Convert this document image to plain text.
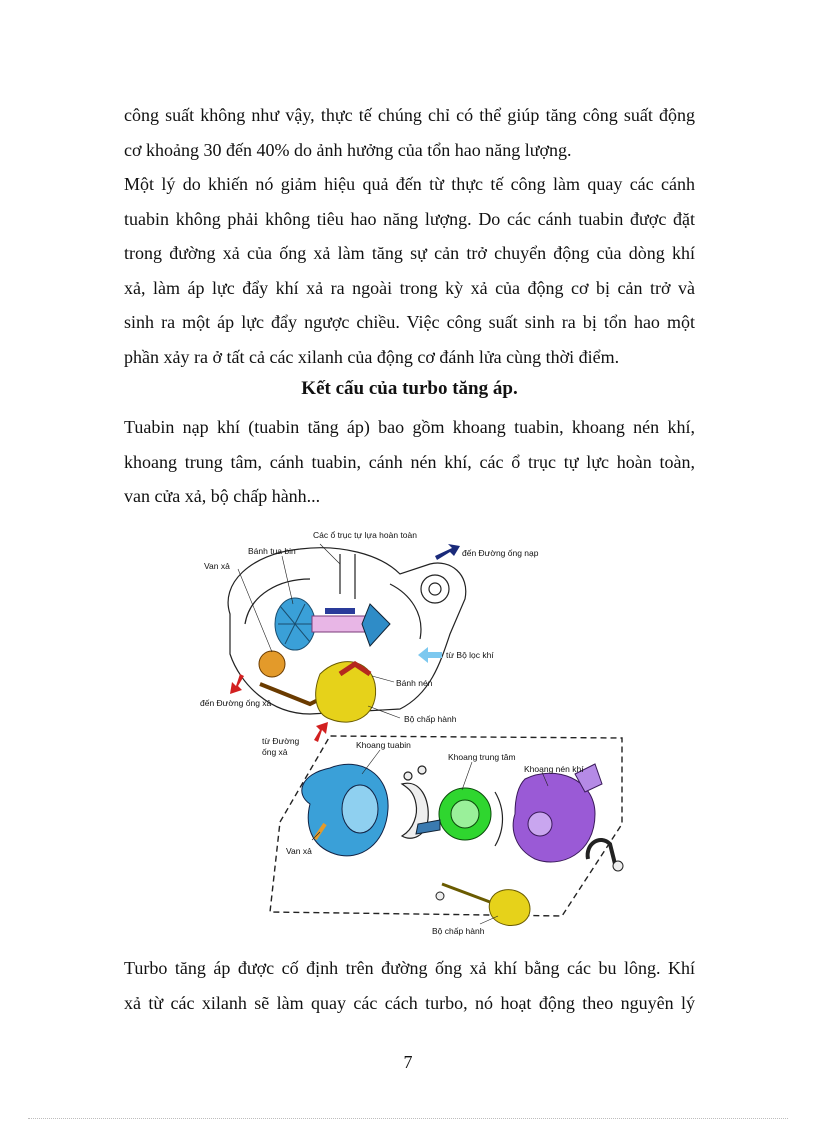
công suất không như vậy, thực tế chúng chỉ có thể giúp tăng công suất động
cơ khoảng 30 đến 40% do ảnh hưởng của tổn hao năng lượng.

Một lý do khiến nó giảm hiệu quả đến từ thực tế công làm quay các cánh
tuabin không phải không tiêu hao năng lượng. Do các cánh tuabin được đặt
trong đường xả của ống xả làm tăng sự cản trở chuyển động của dòng khí
xả, làm áp lực đẩy khí xả ra ngoài trong kỳ xả của động cơ bị cản trở và
sinh ra một áp lực đẩy ngược chiều. Việc công suất sinh ra bị tổn hao một
phần xảy ra ở tất cả các xilanh của động cơ đánh lửa cùng thời điểm.

Kết cấu của turbo tăng áp.

Tuabin nạp khí (tuabin tăng áp) bao gồm khoang tuabin, khoang nén khí,
khoang trung tâm, cánh tuabin, cánh nén khí, các ổ trục tự lực hoàn toàn,
van cửa xả, bộ chấp hành...

Các ổ trục tự lựa hoàn toàn
Bánh tua bin	đến Đường ống nạp
Van xả
từ Bộ lọc khí
Bánh nén
đến Đường ống xả
Bộ chấp hành
từ Đường
ống xả
Khoang tuabin
Khoang trung tâm
Khoang nén khí
Van xả
Bộ chấp hành

Turbo tăng áp được cố định trên đường ống xả khí bằng các bu lông. Khí
xả từ các xilanh sẽ làm quay các cách turbo, nó hoạt động theo nguyên lý

7
